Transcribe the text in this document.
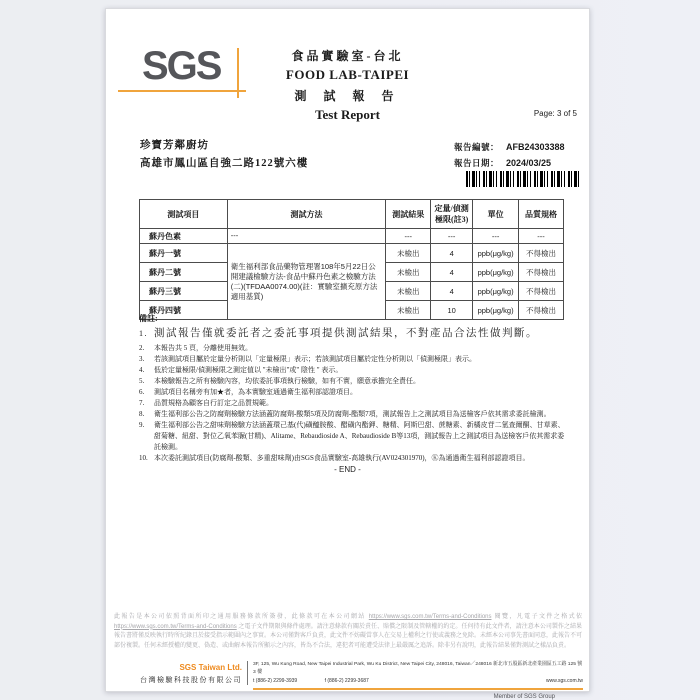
SGS	食品實驗室-台北
FOOD LAB-TAIPEI
測 試 報 告
Test Report	Page: 3 of 5
珍寶芳鄰廚坊
高雄市鳳山區自強二路122號六樓
報告編號： AFB24303388
報告日期： 2024/03/25
測試項目	測試方法	測試結果	定量/偵測極限(註3)	單位	品質規格
蘇丹色素	---	---	---	---	---
蘇丹一號	衛生福利部食品藥物管理署108年5月22日公開建議檢驗方法-食品中蘇丹色素之檢驗方法(二)(TFDAA0074.00)(註：實驗室擴充原方法適用基質)	未檢出	4	ppb(μg/kg)	不得檢出
蘇丹二號		未檢出	4	ppb(μg/kg)	不得檢出
蘇丹三號		未檢出	4	ppb(μg/kg)	不得檢出
蘇丹四號		未檢出	10	ppb(μg/kg)	不得檢出
備註:
1. 測試報告僅就委託者之委託事項提供測試結果，不對產品合法性做判斷。
2.	本報告共 5 頁，分離使用無效。
3.	若該測試項目屬於定量分析則以「定量極限」表示；若該測試項目屬於定性分析則以「偵測極限」表示。
4.	低於定量極限/偵測極限之測定值以 "未檢出"或" 陰性 " 表示。
5.	本檢驗報告之所有檢驗內容，均依委託事項執行檢驗，如有不實，願意承擔完全責任。
6.	測試項目名稱旁有加★者，為本實驗室通過衛生福利部認證項目。
7.	品質規格為顧客自行訂定之品質規範。
8.	衛生福利部公告之防腐劑檢驗方法涵蓋防腐劑-酸類5項及防腐劑-酯類7項，測試報告上之測試項目為送檢客戶依其需求委託檢測。
9.	衛生福利部公告之甜味劑檢驗方法涵蓋環己基(代)磺醯胺酸、醋磺內酯鉀、糖精、阿斯巴甜、蔗糖素、新橘皮苷二氫查爾酮、甘草素、甜菊糖、紐甜、對位乙氧苯脲(甘精)、Alitame、Rebaudioside A、Rebaudioside B等13項，測試報告上之測試項目為送檢客戶依其需求委託檢測。
10. 本次委託測試項目(防腐劑-酸類、多重甜味劑)由SGS食品實驗室-高雄執行(AV024301970)，Ⓚ為通過衛生福利部認證項目。
- END -
此報告是本公司依照背面所印之通用服務條款所簽發，此條款可在本公司網站 https://www.sgs.com.tw/Terms-and-Conditions 閱覽，凡電子文件之格式依 https://www.sgs.com.tw/Terms-and-Conditions 之電子文件期限與條件處理。請注意條款有關於責任、賠償之限制及管轄權的約定。任何持有此文件者，請注意本公司製作之結果報告書將僅反映執行時所紀錄且於接受指示範圍內之事實。本公司僅對客戶負責，此文件不妨礙當事人在交易上權利之行使或義務之免除。未經本公司事先書面同意，此報告不可部份複製。任何未經授權的變更、偽造、或曲解本報告所顯示之內容，皆為不合法，違犯者可能遭受法律上最嚴厲之追訴。除非另有說明，此報告結果僅對測試之樣品負責。
SGS Taiwan Ltd.
台灣檢驗科技股份有限公司
3F, 125, Wu Kung Road, New Taipei Industrial Park, Wu Ku District, New Taipei City, 248016, Taiwan／248016 新北市五股區新北產業園區五工路 125 號 3 樓
t (886-2) 2299-3939	f (886-2) 2299-3687	www.sgs.com.tw
Member of SGS Group
